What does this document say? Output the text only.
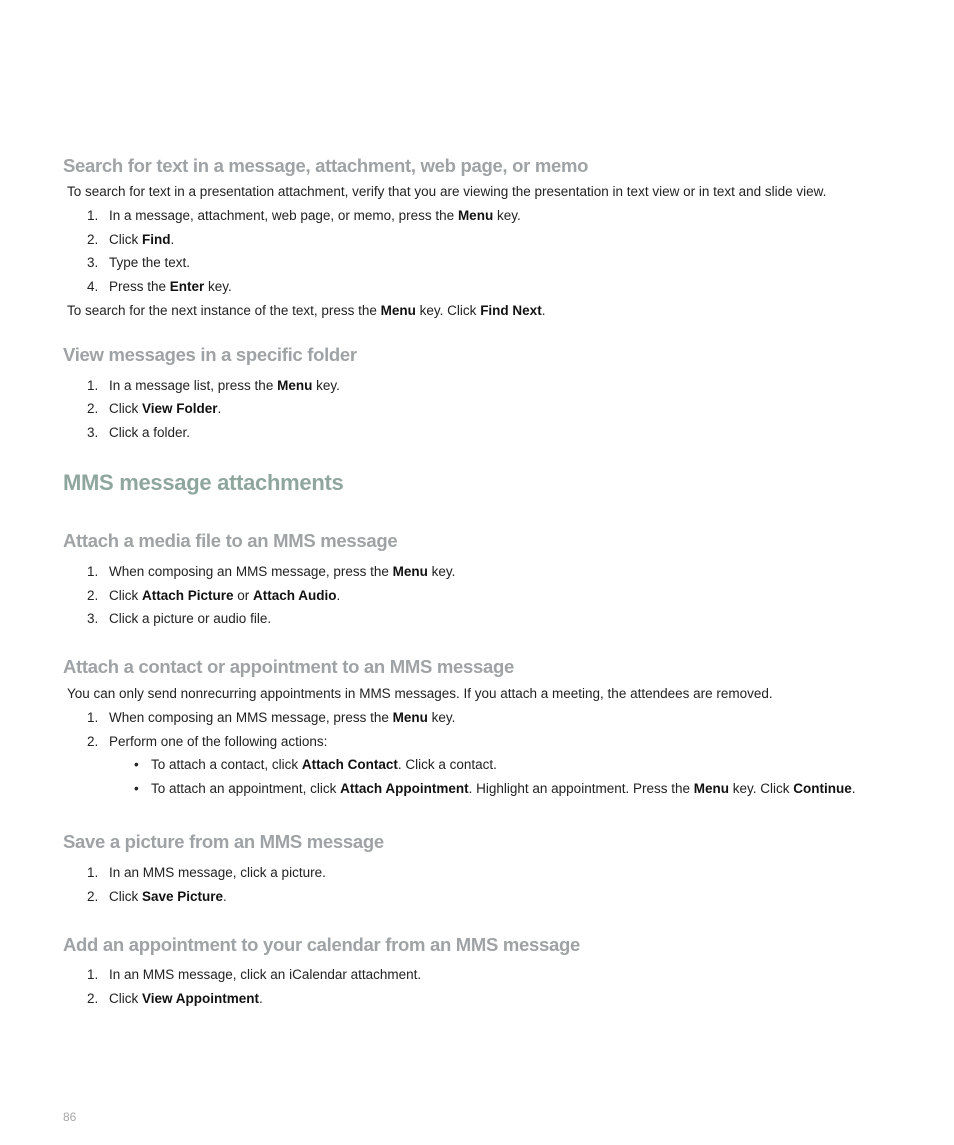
Search for text in a message, attachment, web page, or memo

To search for text in a presentation attachment, verify that you are viewing the presentation in text view or in text and slide view.

1. In a message, attachment, web page, or memo, press the Menu key.

2. Click Find.

3. Type the text.

4. Press the Enter key.

To search for the next instance of the text, press the Menu key. Click Find Next.

View messages in a specific folder

1. In a message list, press the Menu key.

2. Click View Folder.

3. Click a folder.

MMS message attachments
Attach a media file to an MMS message

1. When composing an MMS message, press the Menu key.

2. Click Attach Picture or Attach Audio.

3. Click a picture or audio file.

Attach a contact or appointment to an MMS message

You can only send nonrecurring appointments in MMS messages. If you attach a meeting, the attendees are removed.

1. When composing an MMS message, press the Menu key.

2. Perform one of the following actions:

• To attach a contact, click Attach Contact. Click a contact.

• To attach an appointment, click Attach Appointment. Highlight an appointment. Press the Menu key. Click Continue.

Save a picture from an MMS message

1. In an MMS message, click a picture.

2. Click Save Picture.

Add an appointment to your calendar from an MMS message

1. In an MMS message, click an iCalendar attachment.

2. Click View Appointment.

86
